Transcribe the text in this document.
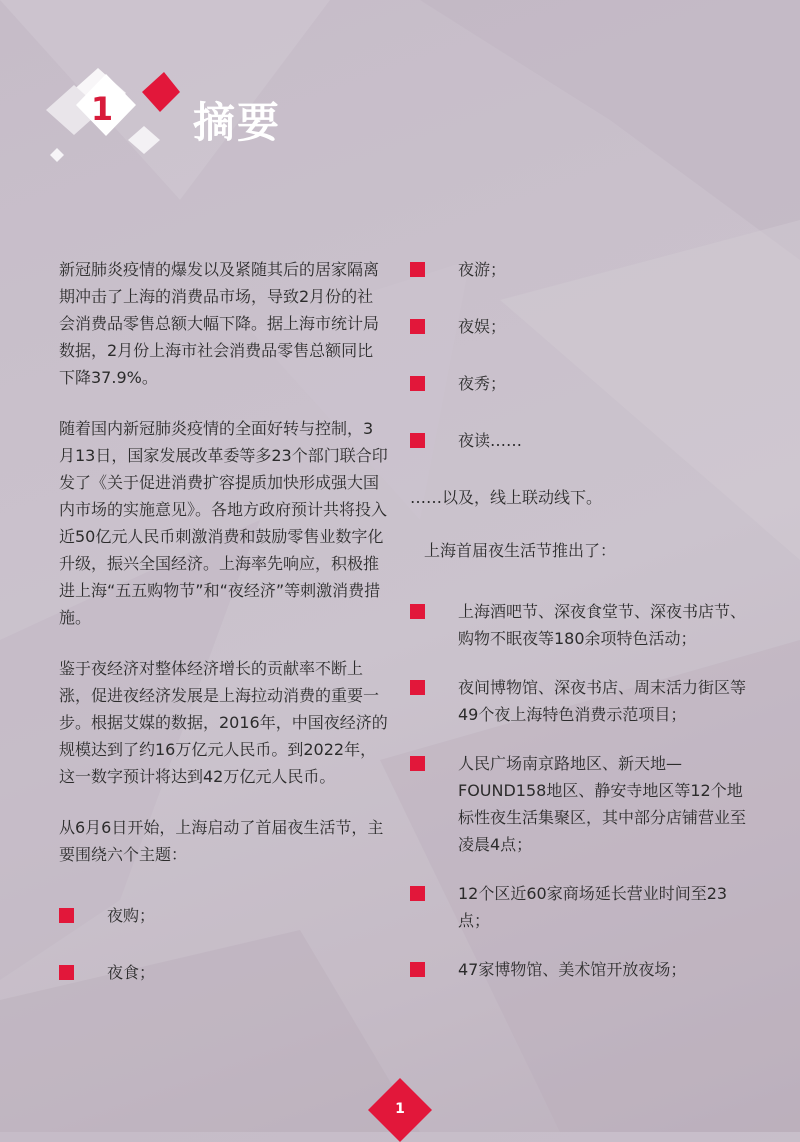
1	摘要

新冠肺炎疫情的爆发以及紧随其后的居家隔离期冲击了上海的消费品市场，导致2月份的社会消费品零售总额大幅下降。据上海市统计局数据，2月份上海市社会消费品零售总额同比下降37.9%。

随着国内新冠肺炎疫情的全面好转与控制，3月13日，国家发展改革委等多23个部门联合印发了《关于促进消费扩容提质加快形成强大国内市场的实施意见》。各地方政府预计共将投入近50亿元人民币刺激消费和鼓励零售业数字化升级，振兴全国经济。上海率先响应，积极推进上海“五五购物节”和“夜经济”等刺激消费措施。

鉴于夜经济对整体经济增长的贡献率不断上涨，促进夜经济发展是上海拉动消费的重要一步。根据艾媒的数据，2016年，中国夜经济的规模达到了约16万亿元人民币。到2022年，这一数字预计将达到42万亿元人民币。

从6月6日开始，上海启动了首届夜生活节，主要围绕六个主题：

夜购；
夜食；
夜游；
夜娱；
夜秀；
夜读……

……以及，线上联动线下。

上海首届夜生活节推出了：

上海酒吧节、深夜食堂节、深夜书店节、购物不眠夜等180余项特色活动；
夜间博物馆、深夜书店、周末活力街区等49个夜上海特色消费示范项目；
人民广场南京路地区、新天地—FOUND158地区、静安寺地区等12个地标性夜生活集聚区，其中部分店铺营业至凌晨4点；
12个区近60家商场延长营业时间至23点；
47家博物馆、美术馆开放夜场；
1
